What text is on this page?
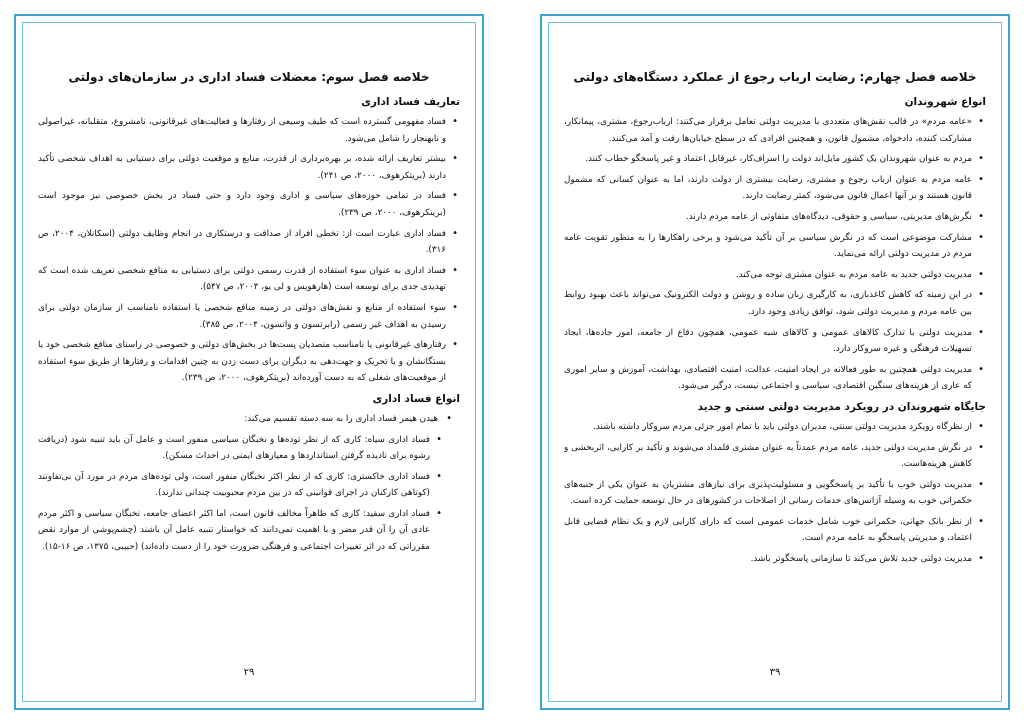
خلاصه فصل سوم: معضلات فساد اداری در سازمان‌های دولتی
تعاریف فساد اداری
• فساد مفهومی گسترده است که طیف وسیعی از رفتارها و فعالیت‌های غیرقانونی، نامشروع، متقلبانه، غیراصولی و نابهنجار را شامل می‌شود.
• بیشتر تعاریف ارائه شده، بر بهره‌برداری از قدرت، منابع و موقعیت دولتی برای دستیابی به اهداف شخصی تأکید دارند (بریتکرهوف، ۲۰۰۰، ص ۲۴۱).
• فساد در تمامی حوزه‌های سیاسی و اداری وجود دارد و حتی فساد در بخش خصوصی نیز موجود است (بریتکرهوف، ۲۰۰۰، ص ۲۳۹).
• فساد اداری عبارت است از: تخطی افراد از صداقت و درستکاری در انجام وظایف دولتی (اسکانلان، ۲۰۰۴، ص ۳۱۶).
• فساد اداری به عنوان سوء استفاده از قدرت رسمی دولتی برای دستیابی به منافع شخصی تعریف شده است که تهدیدی جدی برای توسعه است (هارهویس و لی یو، ۲۰۰۴، ص ۵۴۷).
• سوء استفاده از منابع و نقش‌های دولتی در زمینه منافع شخصی یا استفاده نامناسب از سازمان دولتی برای رسیدن به اهداف غیر رسمی (رابرتسون و واتسون، ۲۰۰۴، ص ۳۸۵).
• رفتارهای غیرقانونی یا نامناسب متصدیان پست‌ها در بخش‌های دولتی و خصوصی در راستای منافع شخصی خود یا بستگانشان و یا تحریک و جهت‌دهی به دیگران برای دست زدن به چنین اقدامات و رفتارها از طریق سوء استفاده از موقعیت‌های شغلی که به دست آورده‌اند (بریتکرهوف، ۲۰۰۰، ص ۲۳۹).
انواع فساد اداری
• هیدن هیمر فساد اداری را به سه دسته تقسیم می‌کند:
• فساد اداری سیاه: کاری که از نظر توده‌ها و نخبگان سیاسی منفور است و عامل آن باید تنبیه شود (دریافت رشوه برای نادیده گرفتن استانداردها و معیارهای ایمنی در احداث مسکن).
• فساد اداری خاکستری: کاری که از نظر اکثر نخبگان منفور است، ولی توده‌های مردم در مورد آن بی‌تفاوتند (کوتاهی کارکنان در اجرای قوانینی که در بین مردم محبوبیت چندانی ندارند).
• فساد اداری سفید: کاری که ظاهراً مخالف قانون است، اما اکثر اعضای جامعه، نخبگان سیاسی و اکثر مردم عادی آن را آن قدر مضر و با اهمیت نمی‌دانند که خواستار تنبیه عامل آن باشند (چشم‌پوشی از موارد نقض مقرراتی که در اثر تغییرات اجتماعی و فرهنگی ضرورت خود را از دست داده‌اند) (حبیبی، ۱۳۷۵، ص ۱۶-۱۵).
۲۹
خلاصه فصل چهارم: رضایت ارباب رجوع از عملکرد دستگاه‌های دولتی
انواع شهروندان
• «عامه مردم» در قالب نقش‌های متعددی با مدیریت دولتی تعامل برقرار می‌کنند: ارباب‌رجوع، مشتری، پیمانکار، مشارکت کننده، دادخواه، مشمول قانون، و همچنین افرادی که در سطح خیابان‌ها رفت و آمد می‌کنند.
• مردم به عنوان شهروندان یک کشور مایل‌اند دولت را اسراف‌کار، غیرقابل اعتماد و غیر پاسخگو خطاب کنند.
• عامه مردم به عنوان ارباب رجوع و مشتری، رضایت بیشتری از دولت دارند، اما به عنوان کسانی که مشمول قانون هستند و بر آنها اعمال قانون می‌شود، کمتر رضایت دارند.
• نگرش‌های مدیریتی، سیاسی و حقوقی، دیدگاه‌های متفاوتی از عامه مردم دارند.
• مشارکت موضوعی است که در نگرش سیاسی بر آن تأکید می‌شود و برخی راهکارها را به منظور تقویت عامه مردم در مدیریت دولتی ارائه می‌نماید.
• مدیریت دولتی جدید به عامه مردم به عنوان مشتری توجه می‌کند.
• در این زمینه که کاهش کاغذبازی، به کارگیری زبان ساده و روشن و دولت الکترونیک می‌تواند باعث بهبود روابط بین عامه مردم و مدیریت دولتی شود، توافق زیادی وجود دارد.
• مدیریت دولتی با تدارک کالاهای عمومی و کالاهای شبه عمومی، همچون دفاع از جامعه، امور جاده‌ها، ایجاد تسهیلات فرهنگی و غیره سروکار دارد.
• مدیریت دولتی همچنین به طور فعالانه در ایجاد امنیت، عدالت، امنیت اقتصادی، بهداشت، آموزش و سایر اموری که عاری از هزینه‌های سنگین اقتصادی، سیاسی و اجتماعی نیست، درگیر می‌شود.
جایگاه شهروندان در رویکرد مدیریت دولتی سنتی و جدید
• از نظرگاه رویکرد مدیریت دولتی سنتی، مدیران دولتی باید با تمام امور جزئی مردم سروکار داشته باشند.
• در نگرش مدیریت دولتی جدید، عامه مردم عمدتاً به عنوان مشتری قلمداد می‌شوند و تأکید بر کارایی، اثربخشی و کاهش هزینه‌هاست.
• مدیریت دولتی خوب با تأکید بر پاسخگویی و مسئولیت‌پذیری برای نیازهای مشتریان به عنوان یکی از جنبه‌های حکمرانی خوب به وسیله آژانس‌های خدمات رسانی از اصلاحات در کشورهای در حال توسعه حمایت کرده است.
• از نظر بانک جهانی، حکمرانی خوب شامل خدمات عمومی است که دارای کارایی لازم و یک نظام قضایی قابل اعتماد، و مدیریتی پاسخگو به عامه مردم است.
• مدیریت دولتی جدید تلاش می‌کند تا سازمانی پاسخگوتر باشد.
۳۹
